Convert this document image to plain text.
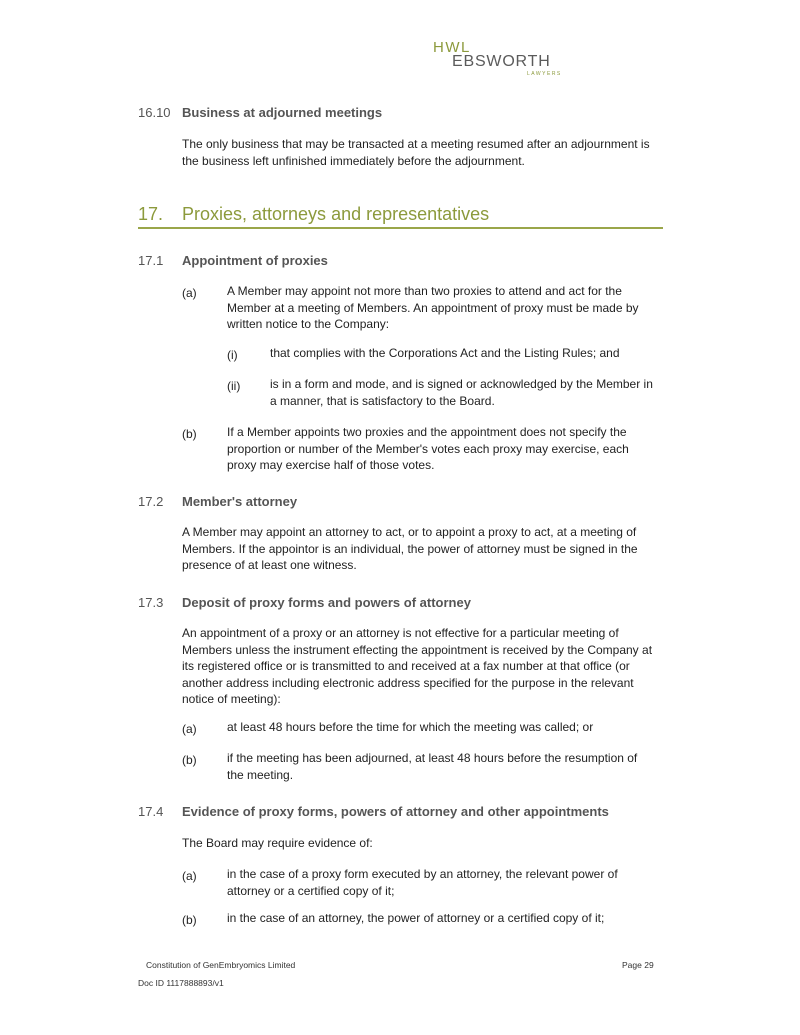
HWL
EBSWORTH
LAWYERS
16.10 Business at adjourned meetings
The only business that may be transacted at a meeting resumed after an adjournment is the business left unfinished immediately before the adjournment.
17. Proxies, attorneys and representatives
17.1 Appointment of proxies
(a)	A Member may appoint not more than two proxies to attend and act for the Member at a meeting of Members. An appointment of proxy must be made by written notice to the Company:
(i)	that complies with the Corporations Act and the Listing Rules; and
(ii) is in a form and mode, and is signed or acknowledged by the Member in a manner, that is satisfactory to the Board.
(b)	If a Member appoints two proxies and the appointment does not specify the proportion or number of the Member's votes each proxy may exercise, each proxy may exercise half of those votes.
17.2 Member's attorney
A Member may appoint an attorney to act, or to appoint a proxy to act, at a meeting of Members. If the appointor is an individual, the power of attorney must be signed in the presence of at least one witness.
17.3 Deposit of proxy forms and powers of attorney
An appointment of a proxy or an attorney is not effective for a particular meeting of Members unless the instrument effecting the appointment is received by the Company at its registered office or is transmitted to and received at a fax number at that office (or another address including electronic address specified for the purpose in the relevant notice of meeting):
(a)	at least 48 hours before the time for which the meeting was called; or
(b)	if the meeting has been adjourned, at least 48 hours before the resumption of the meeting.
17.4 Evidence of proxy forms, powers of attorney and other appointments
The Board may require evidence of:
(a)	in the case of a proxy form executed by an attorney, the relevant power of attorney or a certified copy of it;
(b)	in the case of an attorney, the power of attorney or a certified copy of it;
Constitution of GenEmbryomics Limited	Page 29
Doc ID 1117888893/v1
